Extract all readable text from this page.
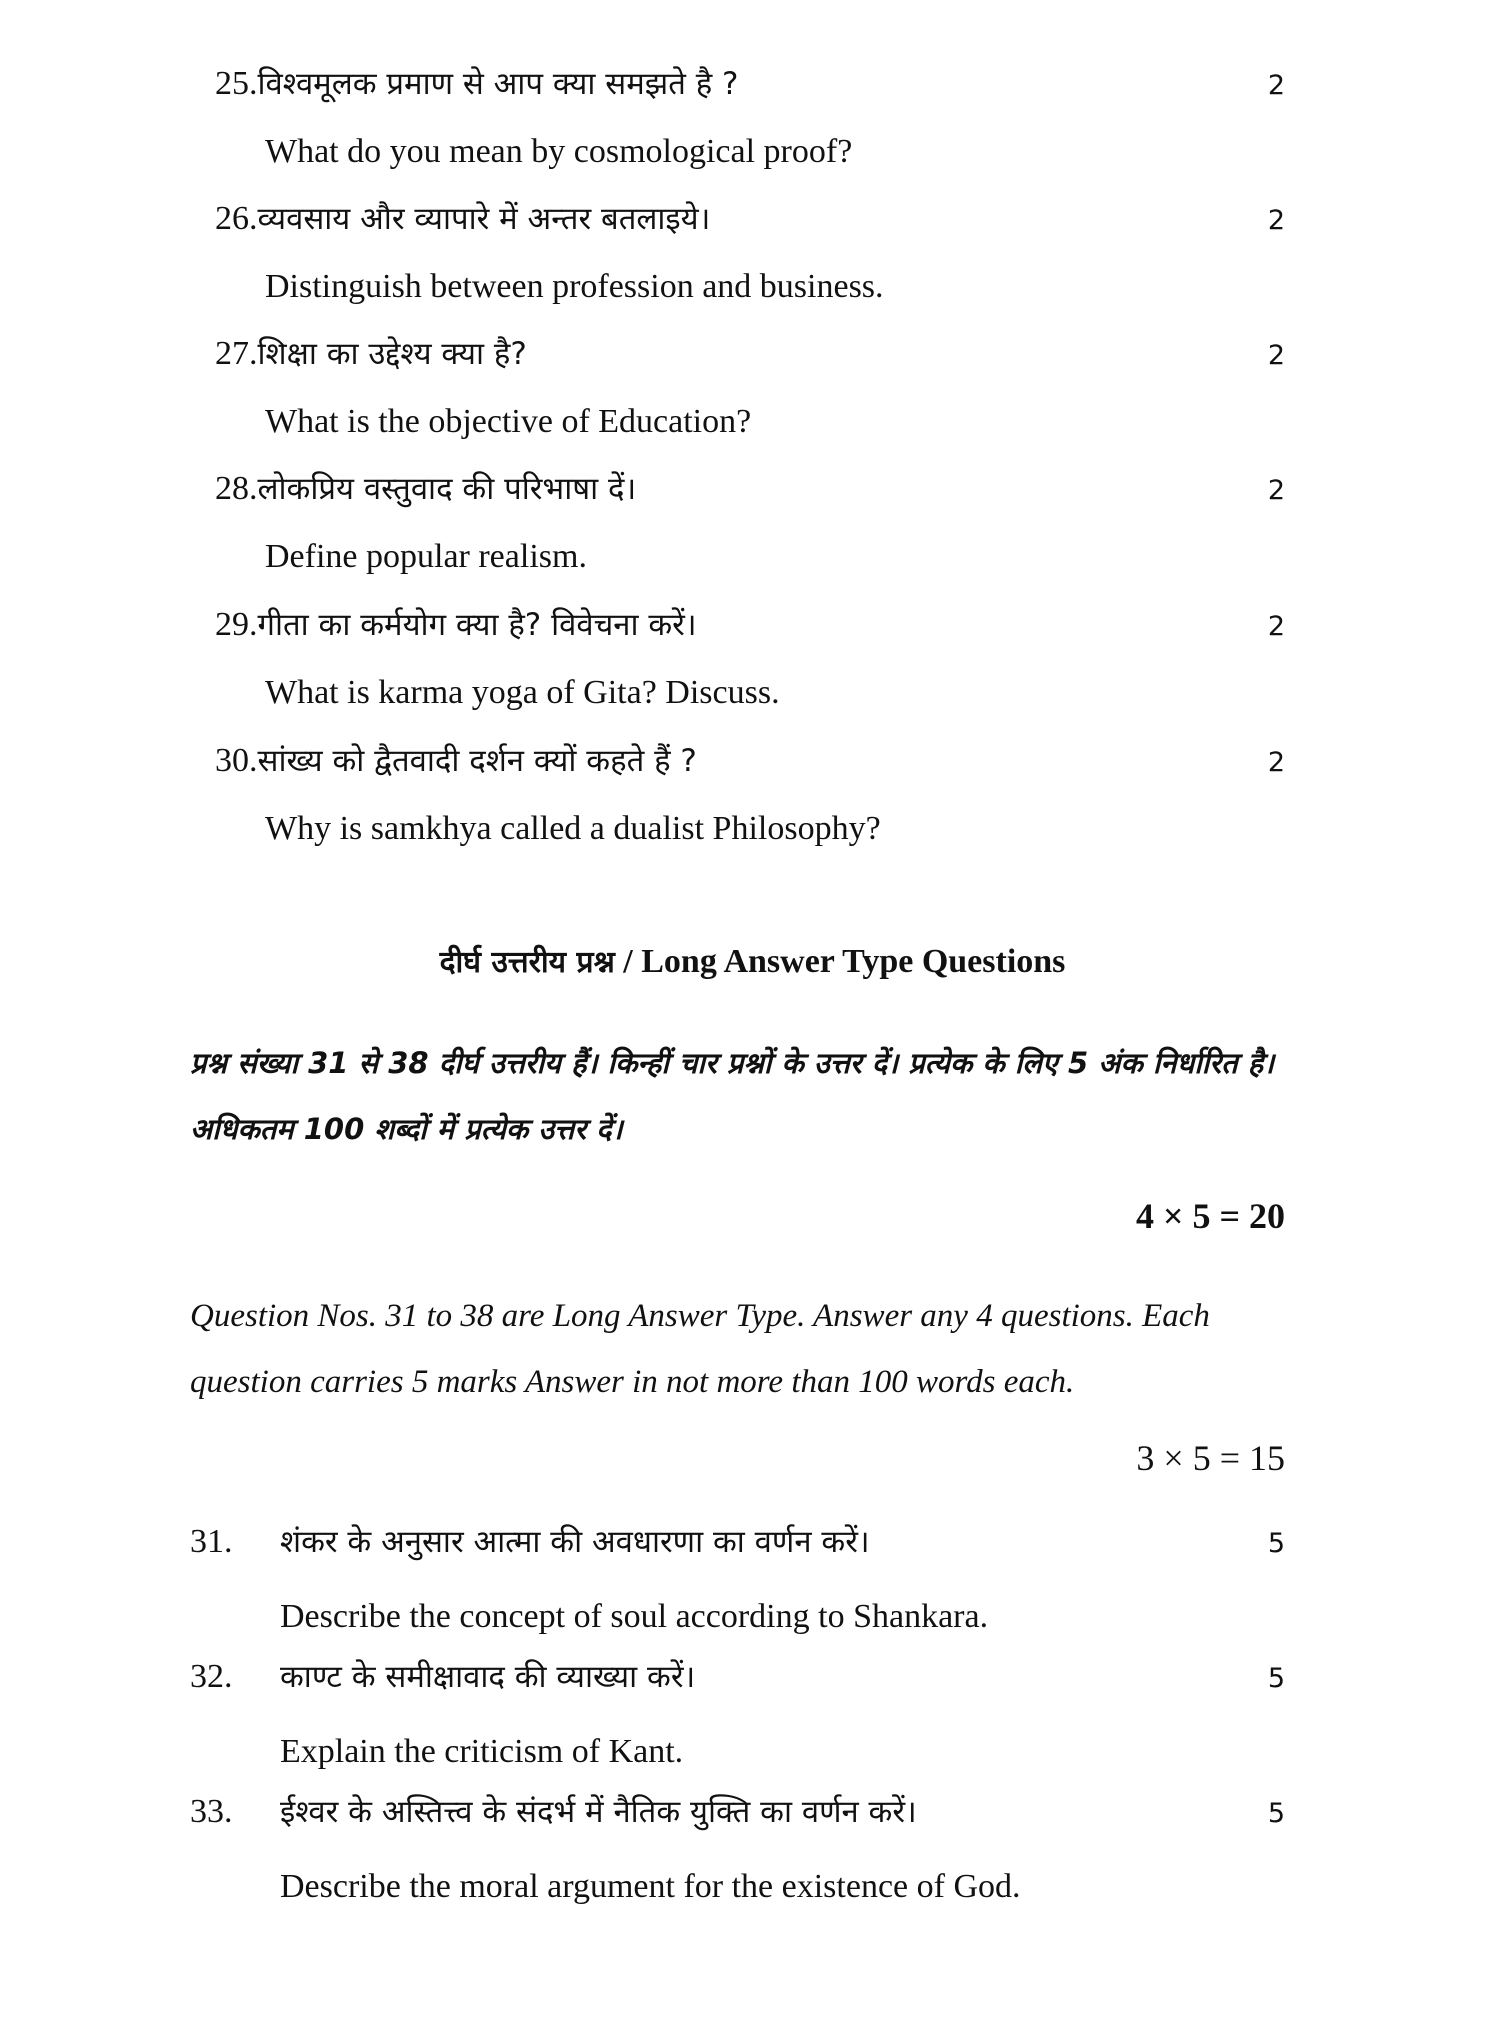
25. विश्वमूलक प्रमाण से आप क्या समझते है ?	2
What do you mean by cosmological proof?
26. व्यवसाय और व्यापारे में अन्तर बतलाइये।	2
Distinguish between profession and business.
27. शिक्षा का उद्देश्य क्या है?	2
What is the objective of Education?
28. लोकप्रिय वस्तुवाद की परिभाषा दें।	2
Define popular realism.
29. गीता का कर्मयोग क्या है? विवेचना करें।	2
What is karma yoga of Gita? Discuss.
30. सांख्य को द्वैतवादी दर्शन क्यों कहते हैं ?	2
Why is samkhya called a dualist Philosophy?
दीर्घ उत्तरीय प्रश्न / Long Answer Type Questions
प्रश्न संख्या 31 से 38 दीर्घ उत्तरीय हैं। किन्हीं चार प्रश्नों के उत्तर दें। प्रत्येक के लिए 5 अंक निर्धारित है। अधिकतम 100 शब्दों में प्रत्येक उत्तर दें।
4 × 5 = 20
Question Nos. 31 to 38 are Long Answer Type. Answer any 4 questions. Each question carries 5 marks Answer in not more than 100 words each.
3 × 5 = 15
31.	शंकर के अनुसार आत्मा की अवधारणा का वर्णन करें।	5
Describe the concept of soul according to Shankara.
32.	काण्ट के समीक्षावाद की व्याख्या करें।	5
Explain the criticism of Kant.
33.	ईश्वर के अस्तित्त्व के संदर्भ में नैतिक युक्ति का वर्णन करें।	5
Describe the moral argument for the existence of God.
